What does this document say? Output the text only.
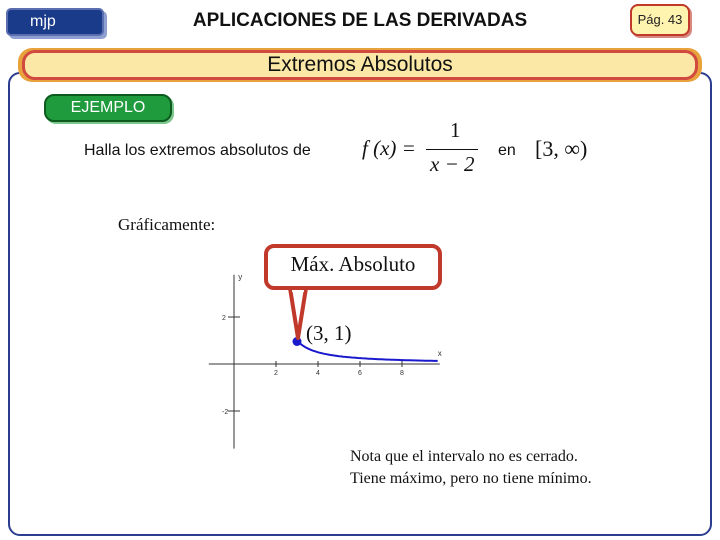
mjp	APLICACIONES DE LAS DERIVADAS	Pág. 43
Extremos Absolutos
EJEMPLO
Halla los extremos absolutos de f (x) =
1
x − 2
en [3, ∞)
Gráficamente:
x
y
2	4	6	8
2
-2
(3, 1)
Máx. Absoluto
Nota que el intervalo no es cerrado.
Tiene máximo, pero no tiene mínimo.
